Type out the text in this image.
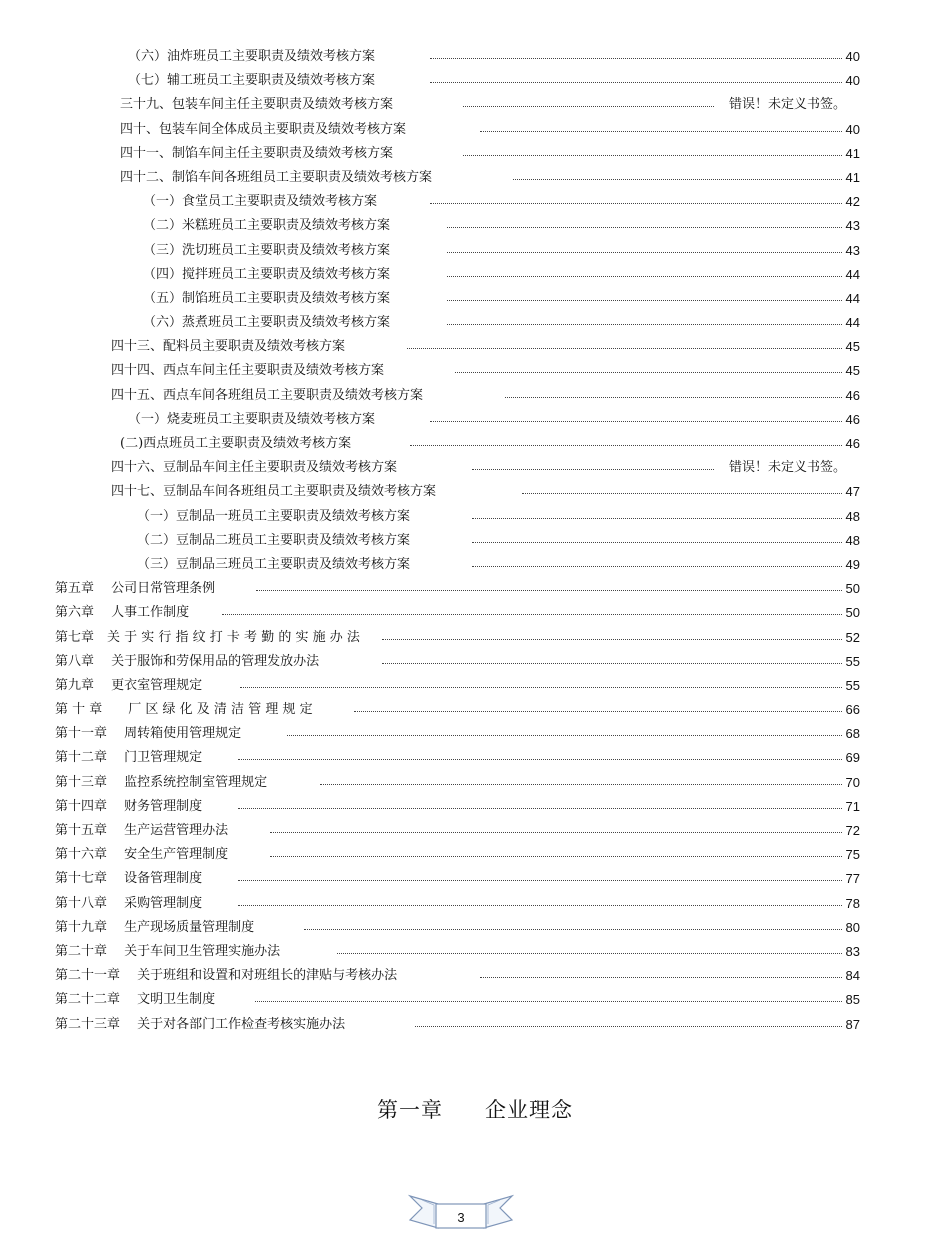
（六）油炸班员工主要职责及绩效考核方案	40
（七）辅工班员工主要职责及绩效考核方案	40
三十九、包装车间主任主要职责及绩效考核方案	错误！未定义书签。
四十、包装车间全体成员主要职责及绩效考核方案	40
四十一、制馅车间主任主要职责及绩效考核方案	41
四十二、制馅车间各班组员工主要职责及绩效考核方案	41
（一）食堂员工主要职责及绩效考核方案	42
（二）米糕班员工主要职责及绩效考核方案	43
（三）洗切班员工主要职责及绩效考核方案	43
（四）搅拌班员工主要职责及绩效考核方案	44
（五）制馅班员工主要职责及绩效考核方案	44
（六）蒸煮班员工主要职责及绩效考核方案	44
四十三、配料员主要职责及绩效考核方案	45
四十四、西点车间主任主要职责及绩效考核方案	45
四十五、西点车间各班组员工主要职责及绩效考核方案	46
（一）烧麦班员工主要职责及绩效考核方案	46
(二)西点班员工主要职责及绩效考核方案	46
四十六、豆制品车间主任主要职责及绩效考核方案	错误！未定义书签。
四十七、豆制品车间各班组员工主要职责及绩效考核方案	47
（一）豆制品一班员工主要职责及绩效考核方案	48
（二）豆制品二班员工主要职责及绩效考核方案	48
（三）豆制品三班员工主要职责及绩效考核方案	49
第五章　 公司日常管理条例	50
第六章　 人事工作制度	50
第七章　关 于 实 行 指 纹 打 卡 考 勤 的 实 施 办 法	52
第八章　 关于服饰和劳保用品的管理发放办法	55
第九章　 更衣室管理规定	55
第 十 章　　厂 区 绿 化 及 清 洁 管 理 规 定	66
第十一章　 周转箱使用管理规定	68
第十二章　 门卫管理规定	69
第十三章　 监控系统控制室管理规定	70
第十四章　 财务管理制度	71
第十五章　 生产运营管理办法	72
第十六章　 安全生产管理制度	75
第十七章　 设备管理制度	77
第十八章　 采购管理制度	78
第十九章　 生产现场质量管理制度	80
第二十章　 关于车间卫生管理实施办法	83
第二十一章　 关于班组和设置和对班组长的津贴与考核办法	84
第二十二章　 文明卫生制度	85
第二十三章　 关于对各部门工作检查考核实施办法	87
第一章 企业理念
3
